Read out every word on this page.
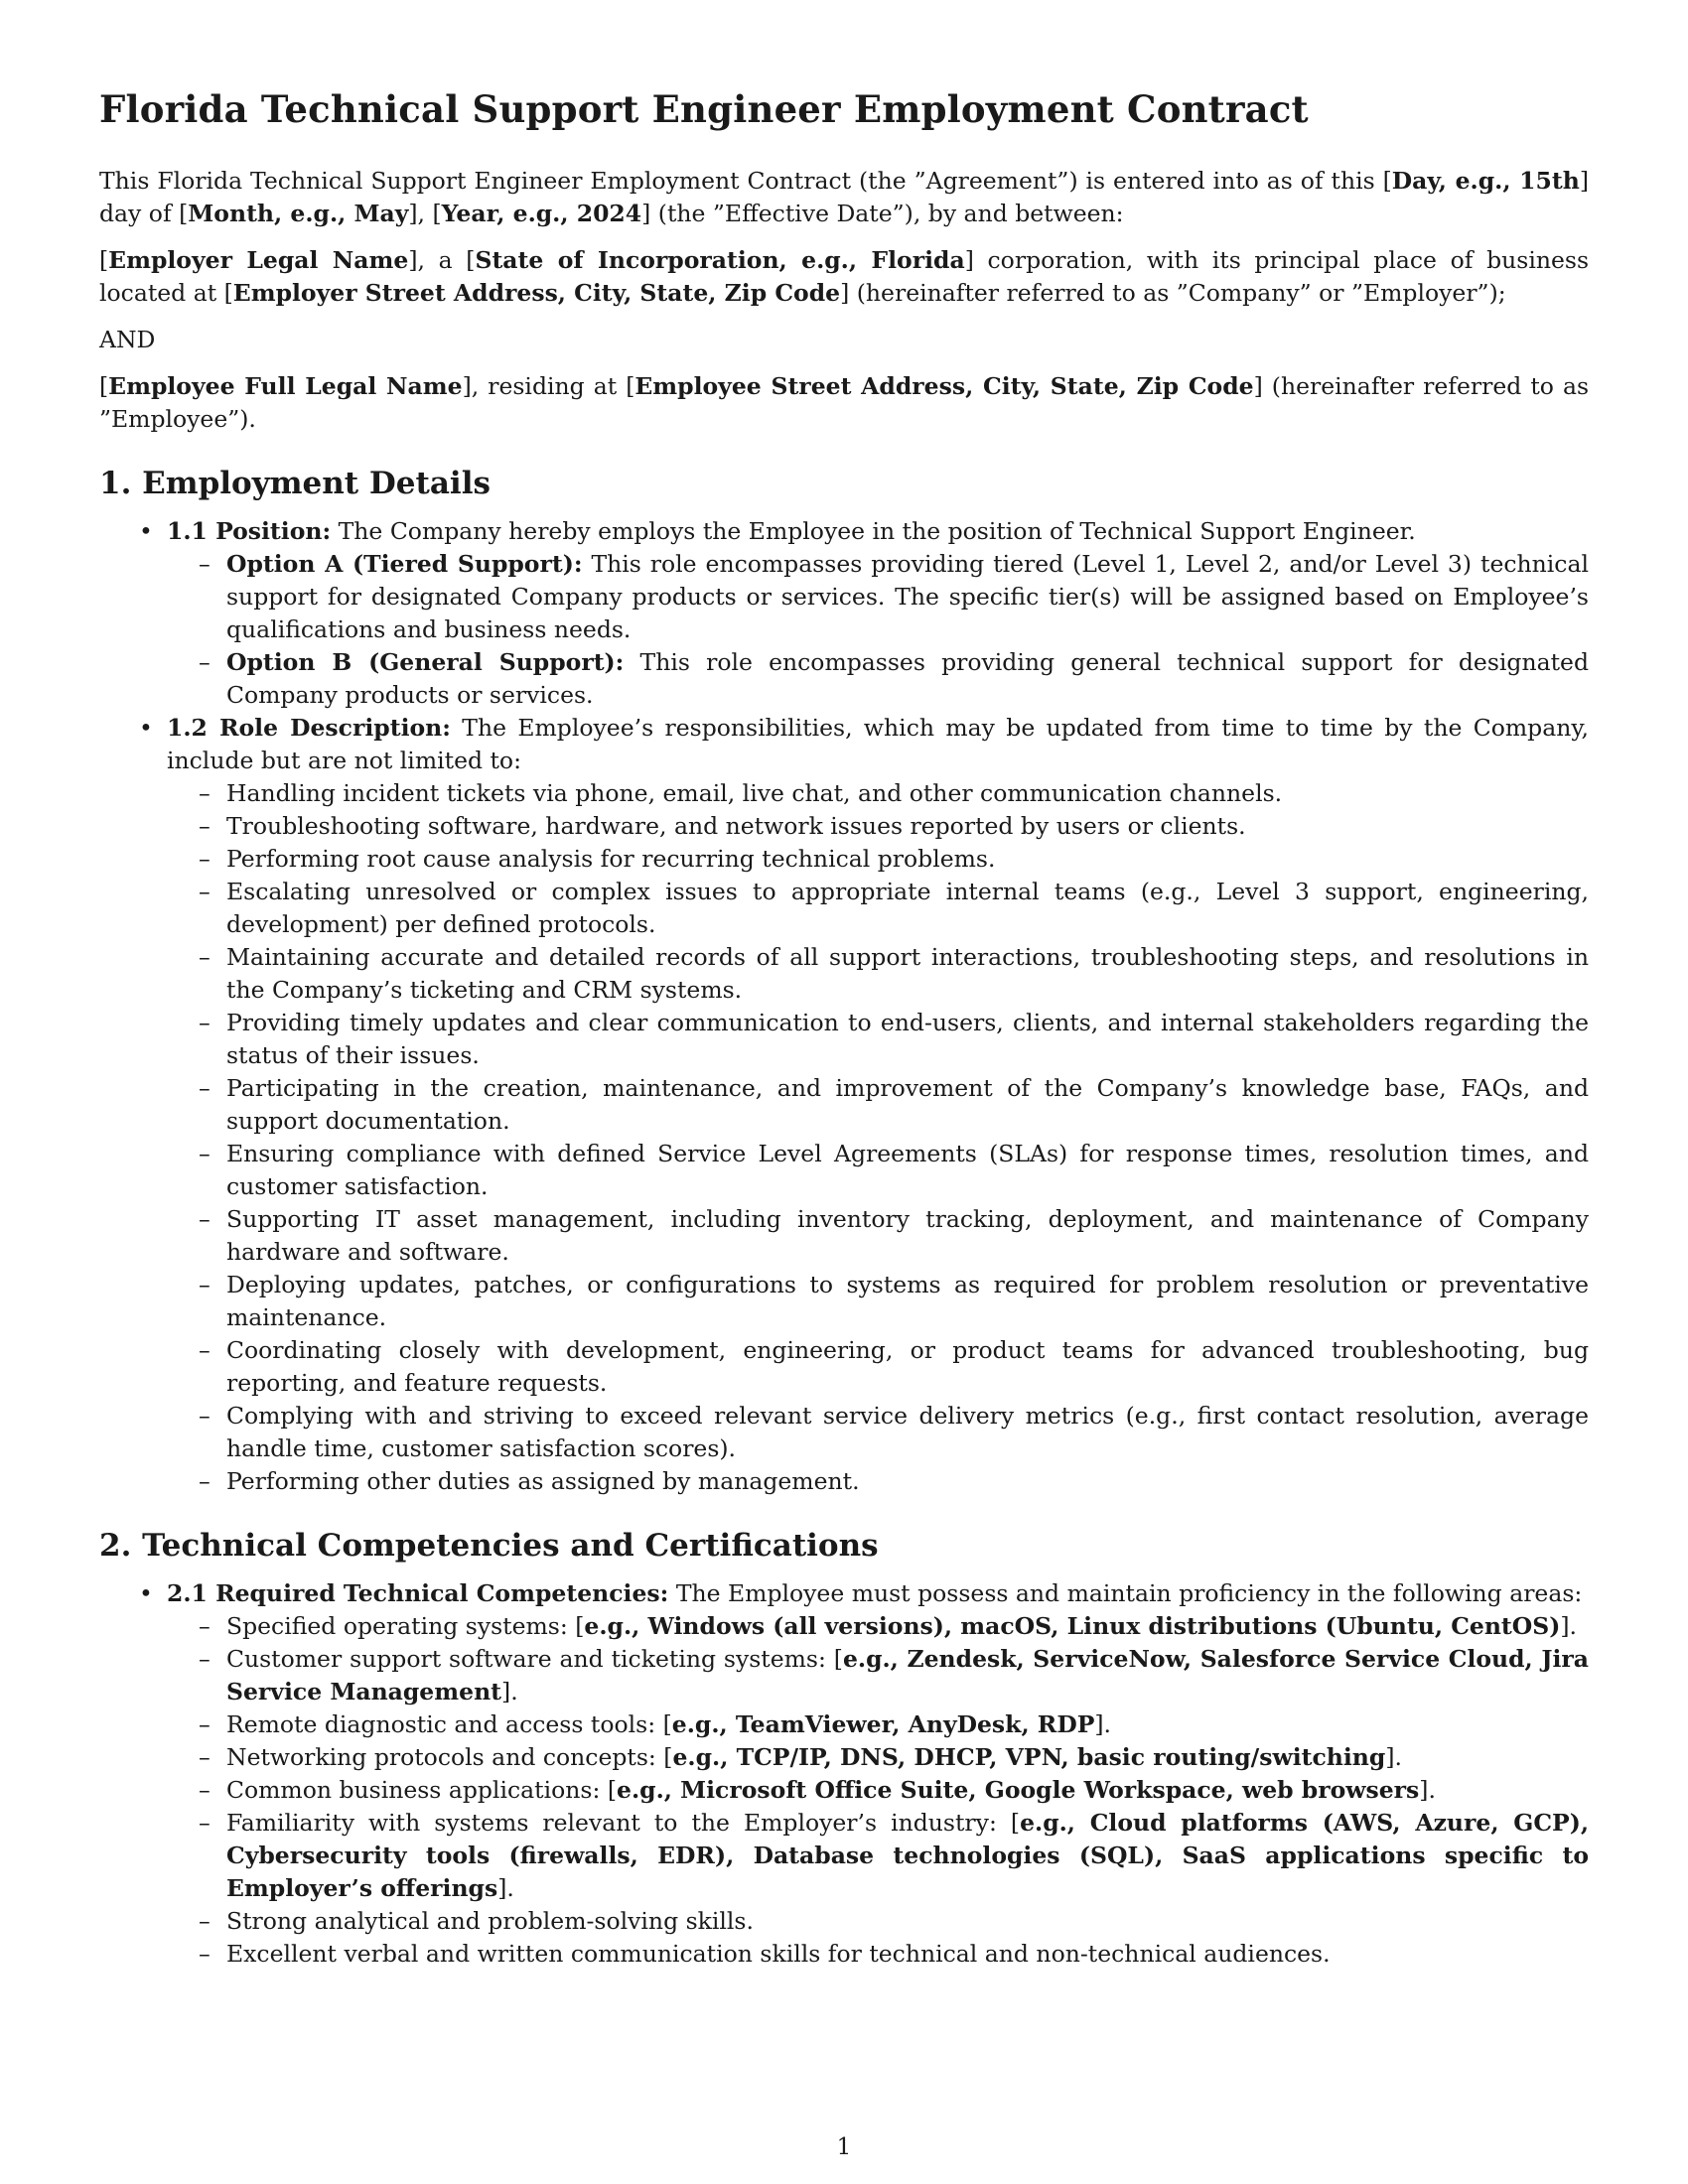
Florida Technical Support Engineer Employment Contract

This Florida Technical Support Engineer Employment Contract (the ”Agreement”) is entered into as of this [Day, e.g., 15th] day of [Month, e.g., May], [Year, e.g., 2024] (the ”Effective Date”), by and between:

[Employer Legal Name], a [State of Incorporation, e.g., Florida] corporation, with its principal place of business located at [Employer Street Address, City, State, Zip Code] (hereinafter referred to as ”Company” or ”Employer”);

AND

[Employee Full Legal Name], residing at [Employee Street Address, City, State, Zip Code] (hereinafter referred to as ”Employee”).

1. Employment Details
• 1.1 Position: The Company hereby employs the Employee in the position of Technical Support Engineer.
– Option A (Tiered Support): This role encompasses providing tiered (Level 1, Level 2, and/or Level 3) technical support for designated Company products or services. The specific tier(s) will be assigned based on Employee’s qualifications and business needs.
– Option B (General Support): This role encompasses providing general technical support for designated Company products or services.
• 1.2 Role Description: The Employee’s responsibilities, which may be updated from time to time by the Company, include but are not limited to:
– Handling incident tickets via phone, email, live chat, and other communication channels.
– Troubleshooting software, hardware, and network issues reported by users or clients.
– Performing root cause analysis for recurring technical problems.
– Escalating unresolved or complex issues to appropriate internal teams (e.g., Level 3 support, engineering, development) per defined protocols.
– Maintaining accurate and detailed records of all support interactions, troubleshooting steps, and resolutions in the Company’s ticketing and CRM systems.
– Providing timely updates and clear communication to end-users, clients, and internal stakeholders regarding the status of their issues.
– Participating in the creation, maintenance, and improvement of the Company’s knowledge base, FAQs, and support documentation.
– Ensuring compliance with defined Service Level Agreements (SLAs) for response times, resolution times, and customer satisfaction.
– Supporting IT asset management, including inventory tracking, deployment, and maintenance of Company hardware and software.
– Deploying updates, patches, or configurations to systems as required for problem resolution or preventative maintenance.
– Coordinating closely with development, engineering, or product teams for advanced troubleshooting, bug reporting, and feature requests.
– Complying with and striving to exceed relevant service delivery metrics (e.g., first contact resolution, average handle time, customer satisfaction scores).
– Performing other duties as assigned by management.
2. Technical Competencies and Certifications
• 2.1 Required Technical Competencies: The Employee must possess and maintain proficiency in the following areas:
– Specified operating systems: [e.g., Windows (all versions), macOS, Linux distributions (Ubuntu, CentOS)].
– Customer support software and ticketing systems: [e.g., Zendesk, ServiceNow, Salesforce Service Cloud, Jira Service Management].
– Remote diagnostic and access tools: [e.g., TeamViewer, AnyDesk, RDP].
– Networking protocols and concepts: [e.g., TCP/IP, DNS, DHCP, VPN, basic routing/switching].
– Common business applications: [e.g., Microsoft Office Suite, Google Workspace, web browsers].
– Familiarity with systems relevant to the Employer’s industry: [e.g., Cloud platforms (AWS, Azure, GCP), Cybersecurity tools (firewalls, EDR), Database technologies (SQL), SaaS applications specific to Employer’s offerings].
– Strong analytical and problem-solving skills.
– Excellent verbal and written communication skills for technical and non-technical audiences.
1
